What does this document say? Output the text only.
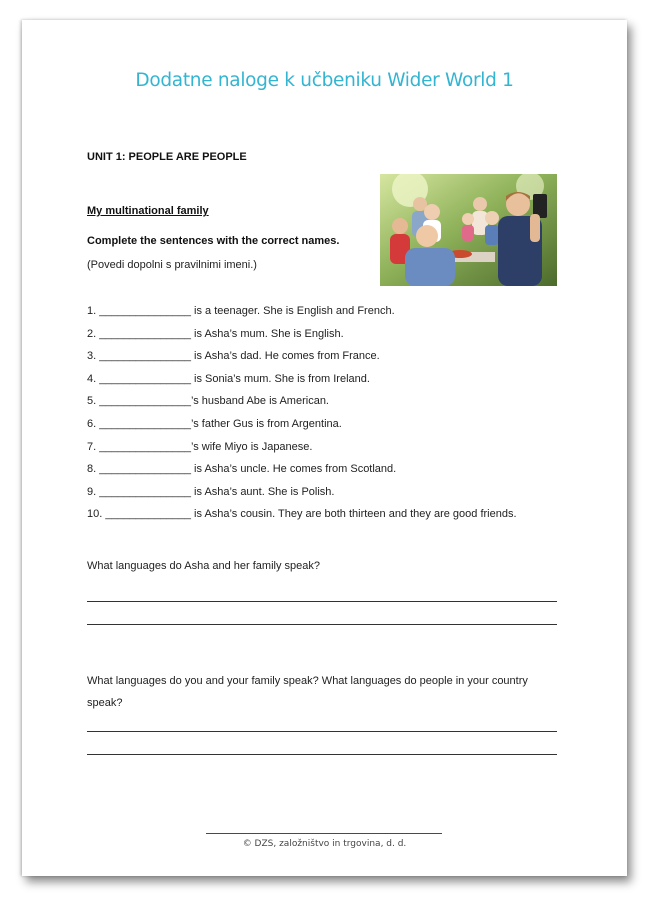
Dodatne naloge k učbeniku Wider World 1
UNIT 1: PEOPLE ARE PEOPLE
My multinational family
Complete the sentences with the correct names.
(Povedi dopolni s pravilnimi imeni.)
1. _______________ is a teenager. She is English and French.
2. _______________ is Asha’s mum. She is English.
3. _______________ is Asha’s dad. He comes from France.
4. _______________ is Sonia’s mum. She is from Ireland.
5. _______________’s husband Abe is American.
6. _______________’s father Gus is from Argentina.
7. _______________’s wife Miyo is Japanese.
8. _______________ is Asha’s uncle. He comes from Scotland.
9. _______________ is Asha’s aunt. She is Polish.
10. ______________ is Asha’s cousin. They are both thirteen and they are good friends.
What languages do Asha and her family speak?
What languages do you and your family speak? What languages do people in your country speak?
© DZS, založništvo in trgovina, d. d.
